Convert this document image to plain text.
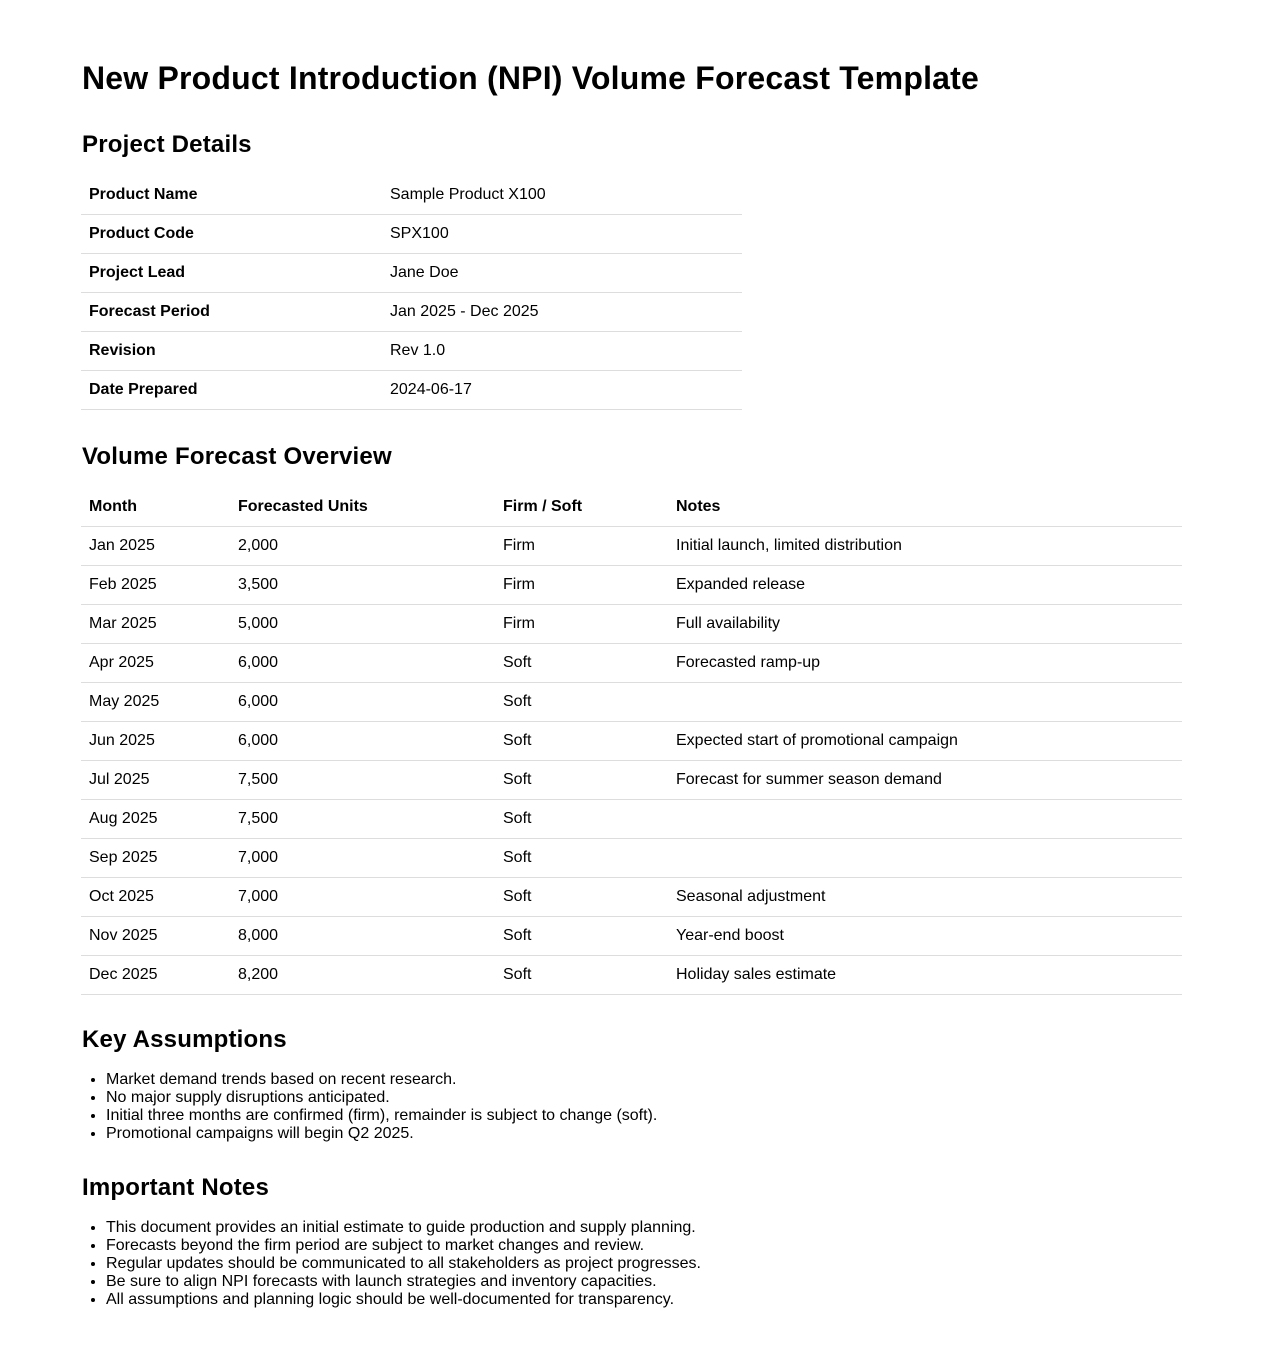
New Product Introduction (NPI) Volume Forecast Template
Project Details
Product Name	Sample Product X100
Product Code	SPX100
Project Lead	Jane Doe
Forecast Period	Jan 2025 - Dec 2025
Revision	Rev 1.0
Date Prepared	2024-06-17
Volume Forecast Overview
Month	Forecasted Units	Firm / Soft	Notes
Jan 2025	2,000	Firm	Initial launch, limited distribution
Feb 2025	3,500	Firm	Expanded release
Mar 2025	5,000	Firm	Full availability
Apr 2025	6,000	Soft	Forecasted ramp-up
May 2025	6,000	Soft	
Jun 2025	6,000	Soft	Expected start of promotional campaign
Jul 2025	7,500	Soft	Forecast for summer season demand
Aug 2025	7,500	Soft	
Sep 2025	7,000	Soft	
Oct 2025	7,000	Soft	Seasonal adjustment
Nov 2025	8,000	Soft	Year-end boost
Dec 2025	8,200	Soft	Holiday sales estimate
Key Assumptions
• Market demand trends based on recent research.
• No major supply disruptions anticipated.
• Initial three months are confirmed (firm), remainder is subject to change (soft).
• Promotional campaigns will begin Q2 2025.
Important Notes
• This document provides an initial estimate to guide production and supply planning.
• Forecasts beyond the firm period are subject to market changes and review.
• Regular updates should be communicated to all stakeholders as project progresses.
• Be sure to align NPI forecasts with launch strategies and inventory capacities.
• All assumptions and planning logic should be well-documented for transparency.
